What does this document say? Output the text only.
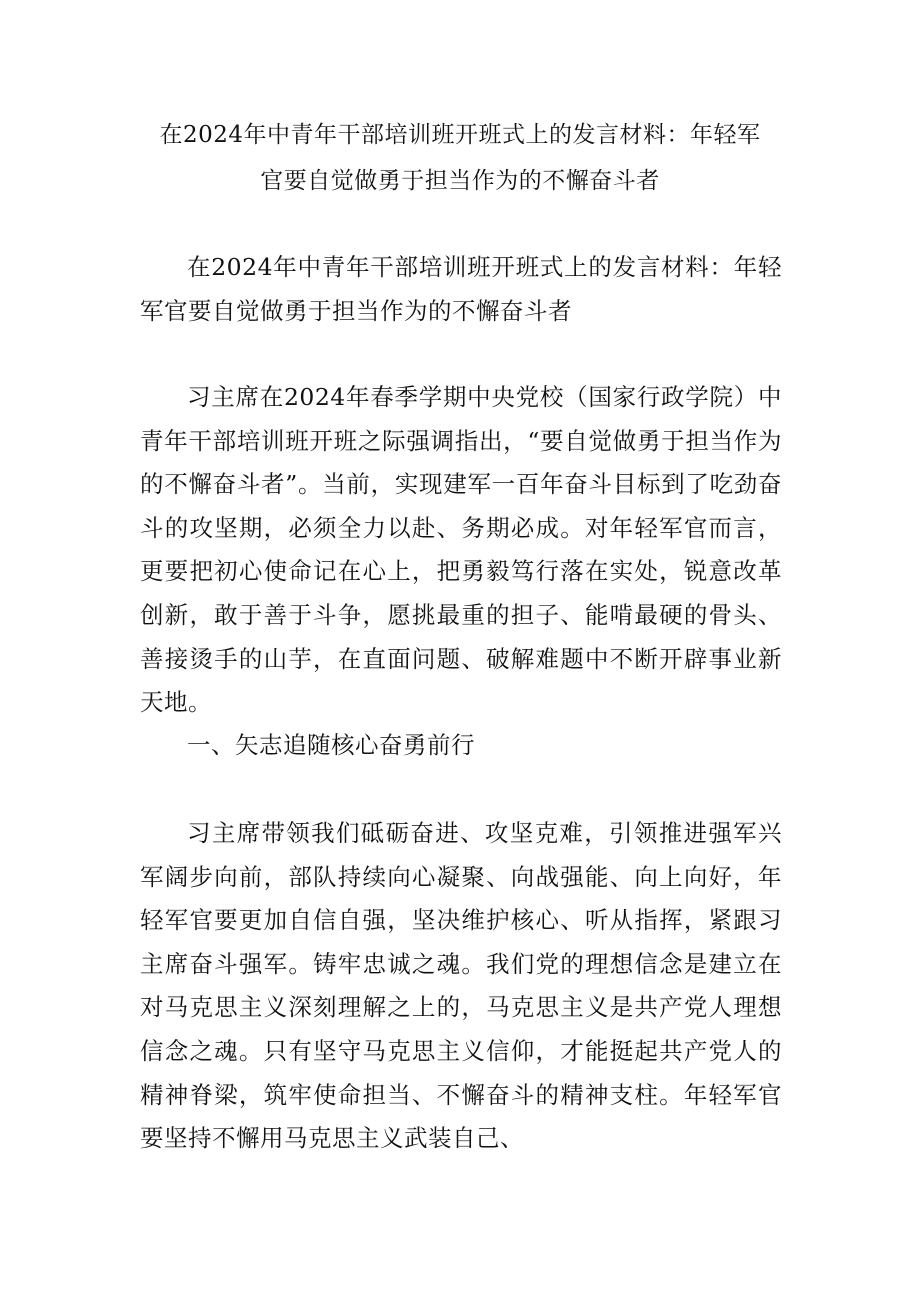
在2024年中青年干部培训班开班式上的发言材料：年轻军
官要自觉做勇于担当作为的不懈奋斗者

在2024年中青年干部培训班开班式上的发言材料：年轻军官要自觉做勇于担当作为的不懈奋斗者

习主席在2024年春季学期中央党校（国家行政学院）中青年干部培训班开班之际强调指出，“要自觉做勇于担当作为的不懈奋斗者”。当前，实现建军一百年奋斗目标到了吃劲奋斗的攻坚期，必须全力以赴、务期必成。对年轻军官而言，更要把初心使命记在心上，把勇毅笃行落在实处，锐意改革创新，敢于善于斗争，愿挑最重的担子、能啃最硬的骨头、善接烫手的山芋，在直面问题、破解难题中不断开辟事业新天地。

一、矢志追随核心奋勇前行

习主席带领我们砥砺奋进、攻坚克难，引领推进强军兴军阔步向前，部队持续向心凝聚、向战强能、向上向好，年轻军官要更加自信自强，坚决维护核心、听从指挥，紧跟习主席奋斗强军。铸牢忠诚之魂。我们党的理想信念是建立在对马克思主义深刻理解之上的，马克思主义是共产党人理想信念之魂。只有坚守马克思主义信仰，才能挺起共产党人的精神脊梁，筑牢使命担当、不懈奋斗的精神支柱。年轻军官要坚持不懈用马克思主义武装自己、
